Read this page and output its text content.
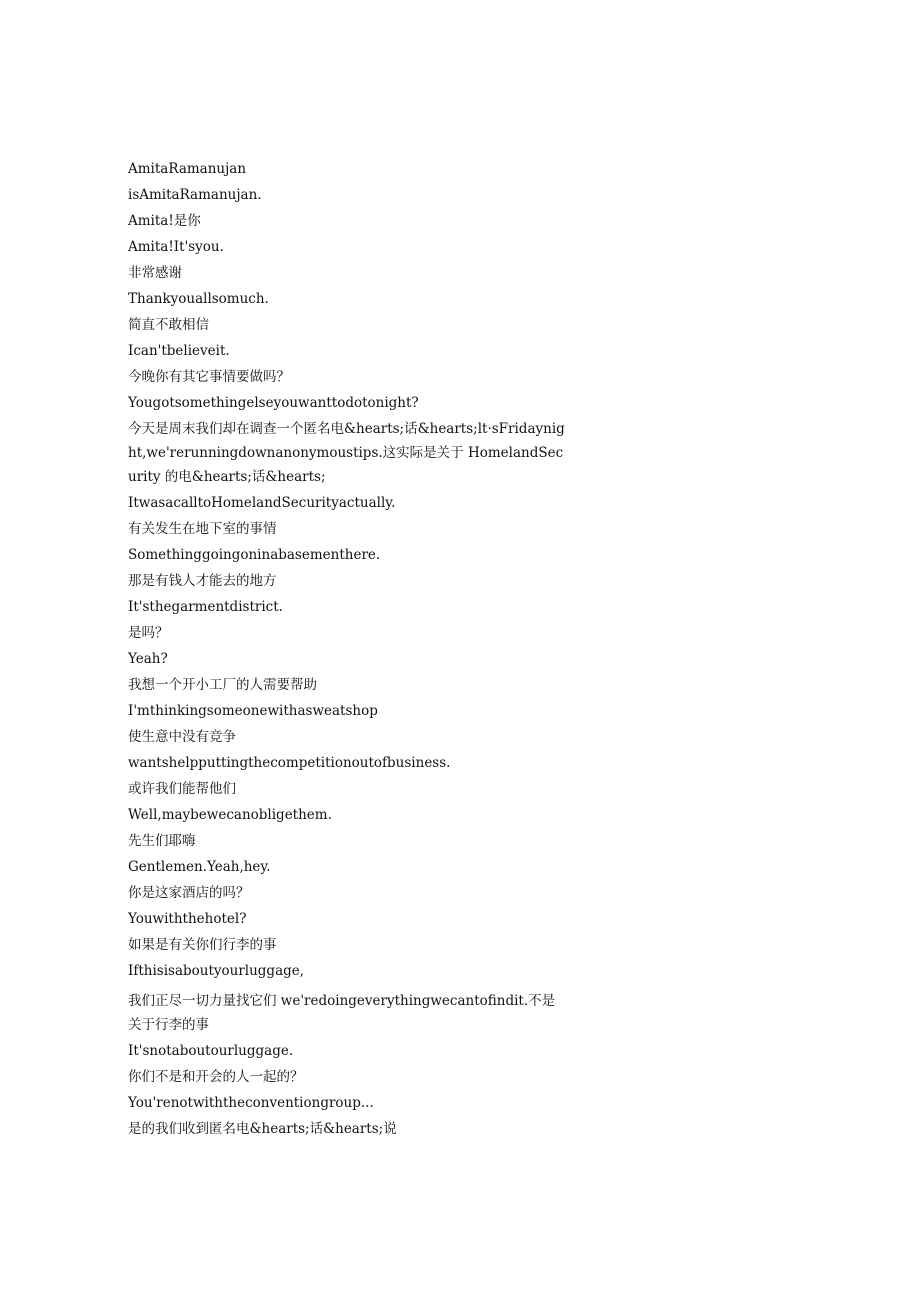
AmitaRamanujan
isAmitaRamanujan.
Amita!是你
Amita!It'syou.
非常感谢
Thankyouallsomuch.
简直不敢相信
Ican'tbelieveit.
今晚你有其它事情要做吗？
Yougotsomethingelseyouwanttodotonight?
今天是周末我们却在调查一个匿名电&hearts;话&hearts;lt·sFridaynight,we'rerunningdownanonymoustips.这实际是关于 HomelandSecurity 的电&hearts;话&hearts;
ItwasacalltoHomelandSecurityactually.
有关发生在地下室的事情
Somethinggoingoninabasementhere.
那是有钱人才能去的地方
It'sthegarmentdistrict.
是吗？
Yeah?
我想一个开小工厂的人需要帮助
I'mthinkingsomeonewithasweatshop
使生意中没有竞争
wantshelpputtingthecompetitionoutofbusiness.
或许我们能帮他们
Well,maybewecanobligethem.
先生们耶嗨
Gentlemen.Yeah,hey.
你是这家酒店的吗？
Youwiththehotel?
如果是有关你们行李的事
Ifthisisaboutyourluggage,
我们正尽一切力量找它们 we'redoingeverythingwecantofindit.不是关于行李的事
It'snotaboutourluggage.
你们不是和开会的人一起的？
You'renotwiththeconventiongroup...
是的我们收到匿名电&hearts;话&hearts;说
